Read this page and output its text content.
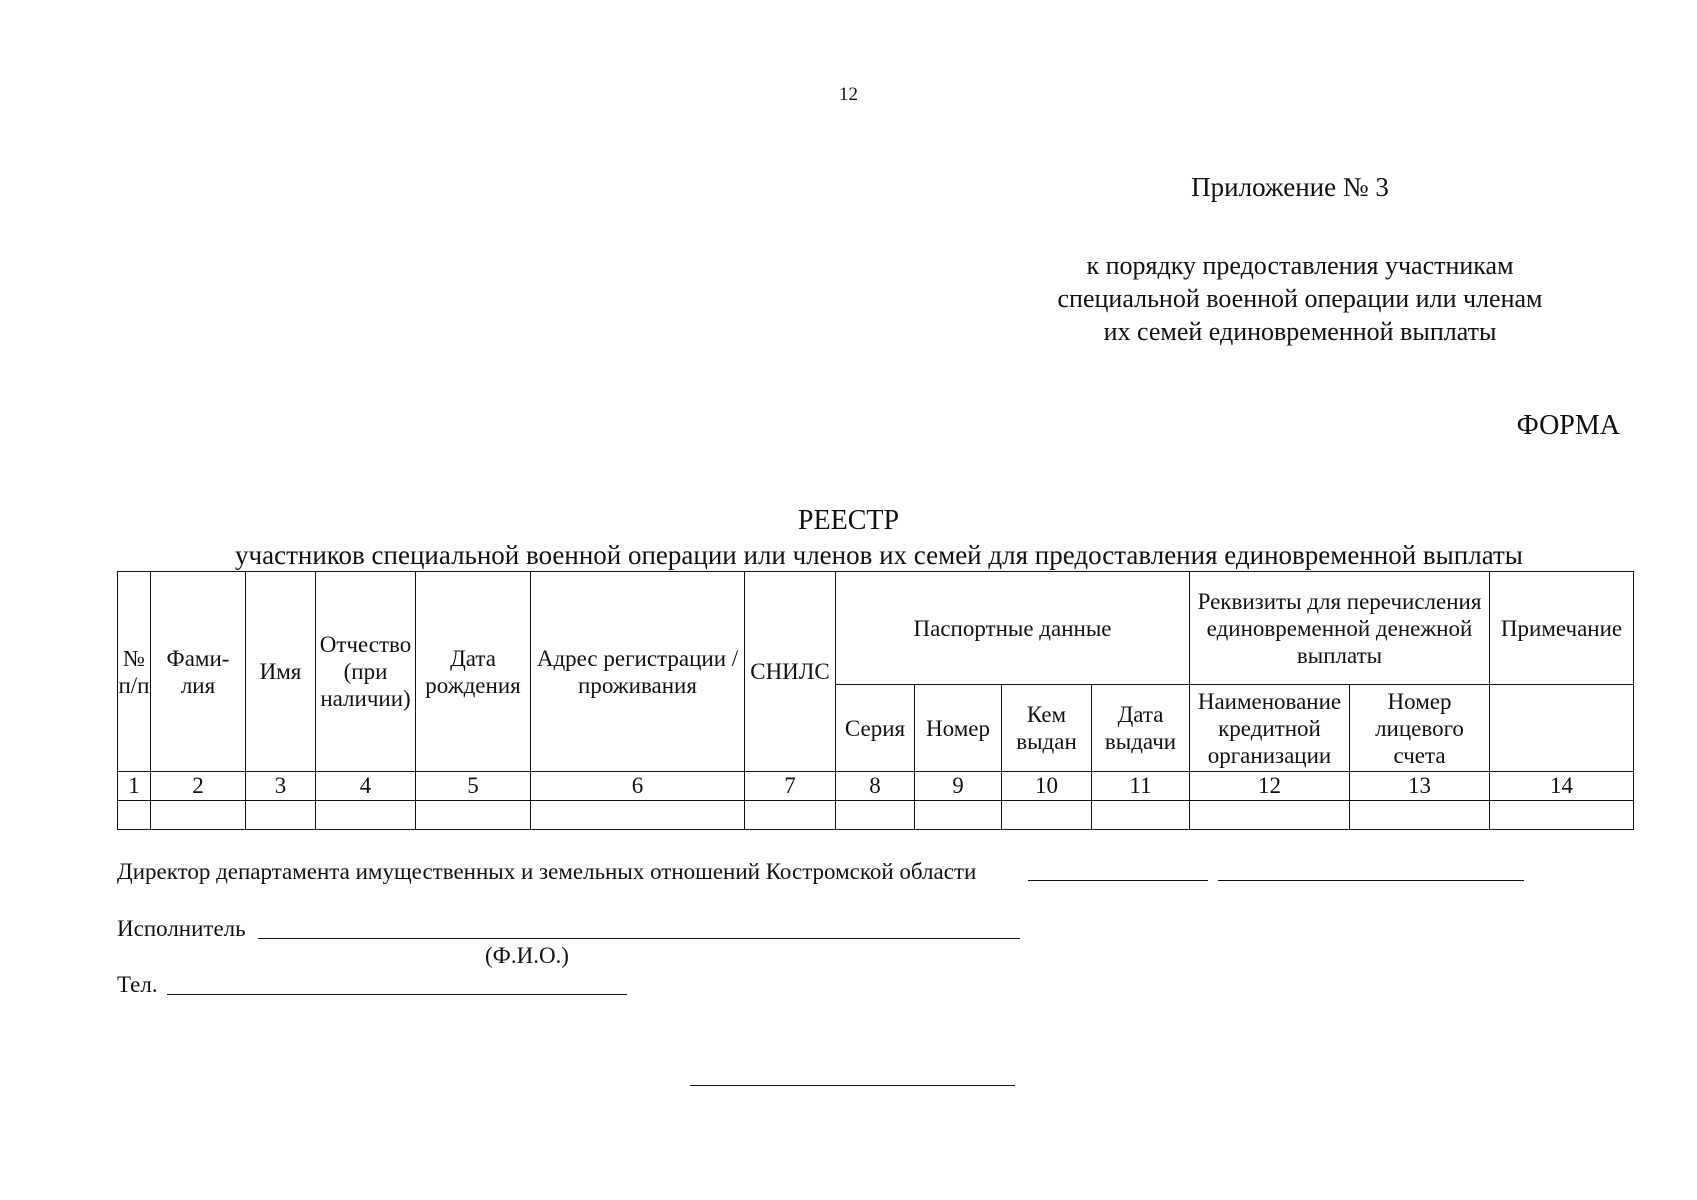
12
Приложение № 3
к порядку предоставления участникам
специальной военной операции или членам
их семей единовременной выплаты
ФОРМА
РЕЕСТР
участников специальной военной операции или членов их семей для предоставления единовременной выплаты
№ п/п	Фами- лия	Имя	Отчество (при наличии)	Дата рождения	Адрес регистрации / проживания	СНИЛС	Паспортные данные				Реквизиты для перечисления единовременной денежной выплаты		Примечание
							Серия	Номер	Кем выдан	Дата выдачи	Наименование кредитной организации	Номер лицевого счета	
1	2	3	4	5	6	7	8	9	10	11	12	13	14

Директор департамента имущественных и земельных отношений Костромской области
Исполнитель
(Ф.И.О.)
Тел.
